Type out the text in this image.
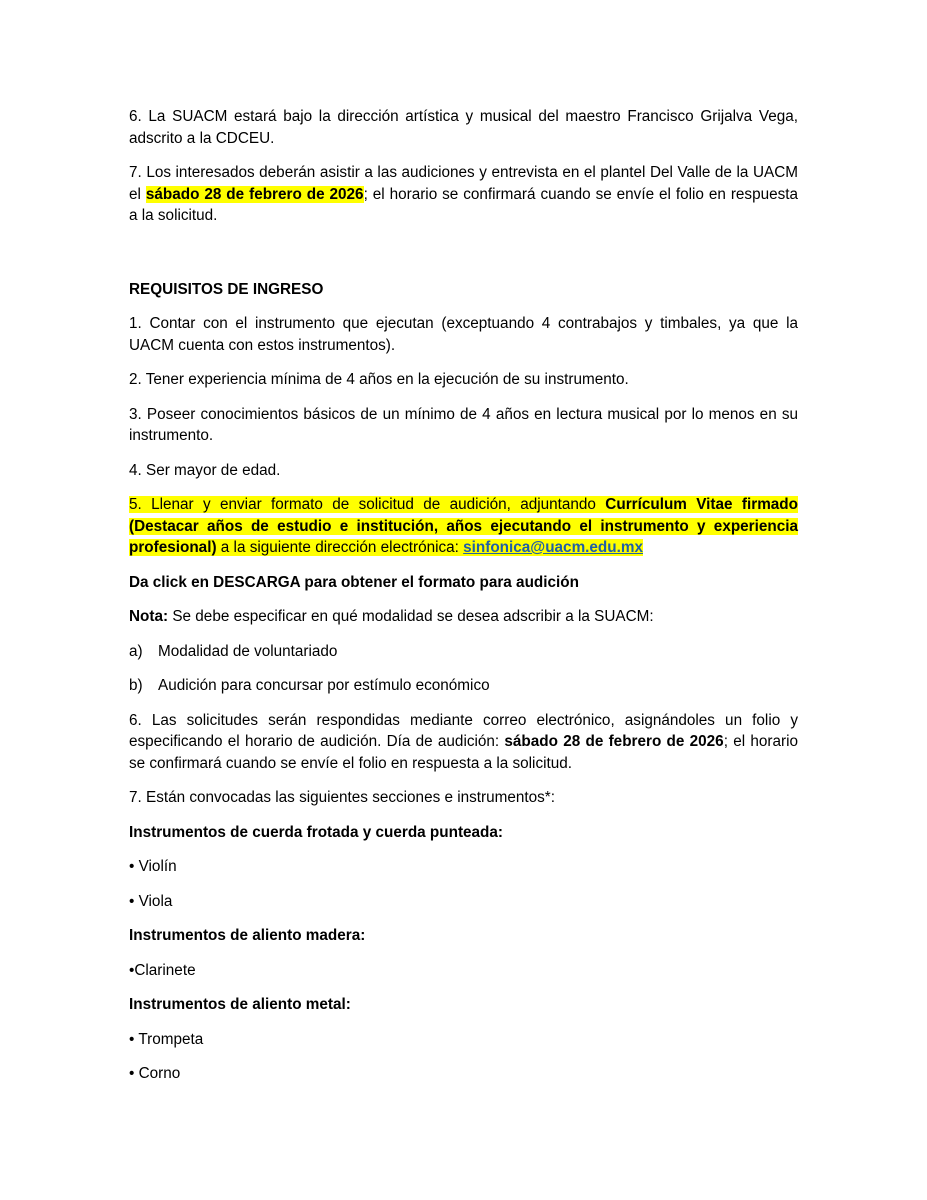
6. La SUACM estará bajo la dirección artística y musical del maestro Francisco Grijalva Vega, adscrito a la CDCEU.

7. Los interesados deberán asistir a las audiciones y entrevista en el plantel Del Valle de la UACM el sábado 28 de febrero de 2026; el horario se confirmará cuando se envíe el folio en respuesta a la solicitud.

REQUISITOS DE INGRESO

1. Contar con el instrumento que ejecutan (exceptuando 4 contrabajos y timbales, ya que la UACM cuenta con estos instrumentos).

2. Tener experiencia mínima de 4 años en la ejecución de su instrumento.

3. Poseer conocimientos básicos de un mínimo de 4 años en lectura musical por lo menos en su instrumento.

4. Ser mayor de edad.

5. Llenar y enviar formato de solicitud de audición, adjuntando Currículum Vitae firmado (Destacar años de estudio e institución, años ejecutando el instrumento y experiencia profesional) a la siguiente dirección electrónica: sinfonica@uacm.edu.mx

Da click en DESCARGA para obtener el formato para audición

Nota: Se debe especificar en qué modalidad se desea adscribir a la SUACM:

a)	Modalidad de voluntariado
b)	Audición para concursar por estímulo económico

6. Las solicitudes serán respondidas mediante correo electrónico, asignándoles un folio y especificando el horario de audición. Día de audición: sábado 28 de febrero de 2026; el horario se confirmará cuando se envíe el folio en respuesta a la solicitud.

7. Están convocadas las siguientes secciones e instrumentos*:

Instrumentos de cuerda frotada y cuerda punteada:

• Violín

• Viola

Instrumentos de aliento madera:

•Clarinete

Instrumentos de aliento metal:

• Trompeta

• Corno
